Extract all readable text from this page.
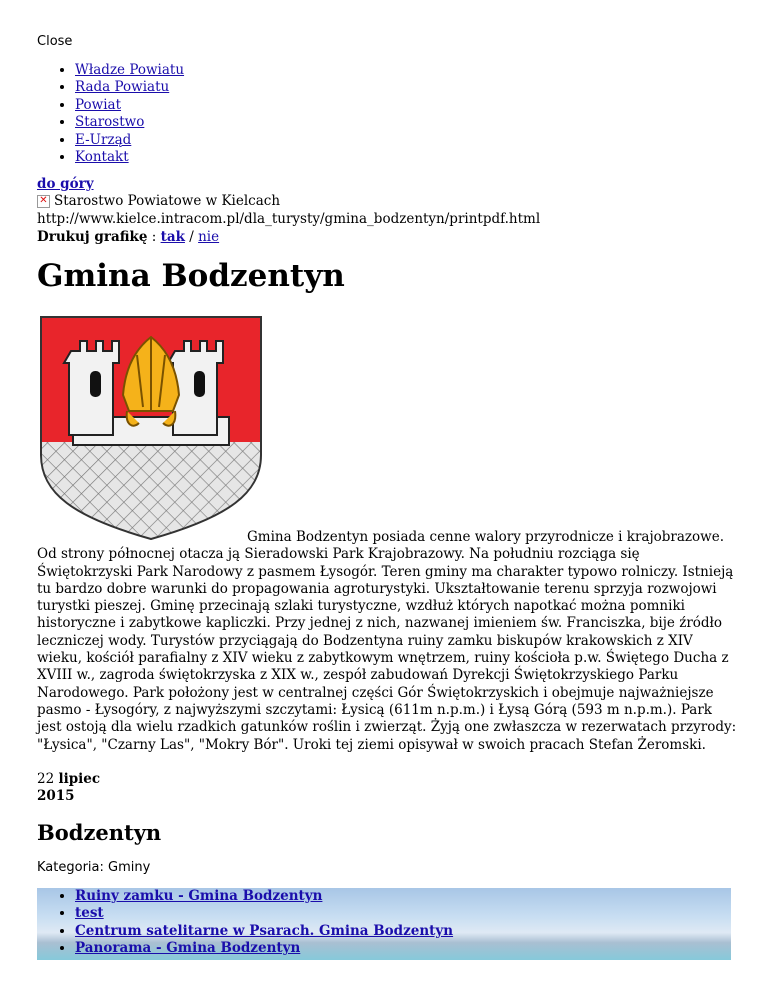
Close
• Władze Powiatu
• Rada Powiatu
• Powiat
• Starostwo
• E-Urząd
• Kontakt
do góry
✕ Starostwo Powiatowe w Kielcach
http://www.kielce.intracom.pl/dla_turysty/gmina_bodzentyn/printpdf.html
Drukuj grafikę : tak / nie
Gmina Bodzentyn
Gmina Bodzentyn posiada cenne walory przyrodnicze i krajobrazowe. Od strony północnej otacza ją Sieradowski Park Krajobrazowy. Na południu rozciąga się Świętokrzyski Park Narodowy z pasmem Łysogór. Teren gminy ma charakter typowo rolniczy. Istnieją tu bardzo dobre warunki do propagowania agroturystyki. Ukształtowanie terenu sprzyja rozwojowi turystki pieszej. Gminę przecinają szlaki turystyczne, wzdłuż których napotkać można pomniki historyczne i zabytkowe kapliczki. Przy jednej z nich, nazwanej imieniem św. Franciszka, bije źródło leczniczej wody. Turystów przyciągają do Bodzentyna ruiny zamku biskupów krakowskich z XIV wieku, kościół parafialny z XIV wieku z zabytkowym wnętrzem, ruiny kościoła p.w. Świętego Ducha z XVIII w., zagroda świętokrzyska z XIX w., zespół zabudowań Dyrekcji Świętokrzyskiego Parku Narodowego. Park położony jest w centralnej części Gór Świętokrzyskich i obejmuje najważniejsze pasmo - Łysogóry, z najwyższymi szczytami: Łysicą (611m n.p.m.) i Łysą Górą (593 m n.p.m.). Park jest ostoją dla wielu rzadkich gatunków roślin i zwierząt. Żyją one zwłaszcza w rezerwatach przyrody: "Łysica", "Czarny Las", "Mokry Bór". Uroki tej ziemi opisywał w swoich pracach Stefan Żeromski.
22 lipiec
2015
Bodzentyn
Kategoria: Gminy
• Ruiny zamku - Gmina Bodzentyn
• test
• Centrum satelitarne w Psarach. Gmina Bodzentyn
• Panorama - Gmina Bodzentyn
